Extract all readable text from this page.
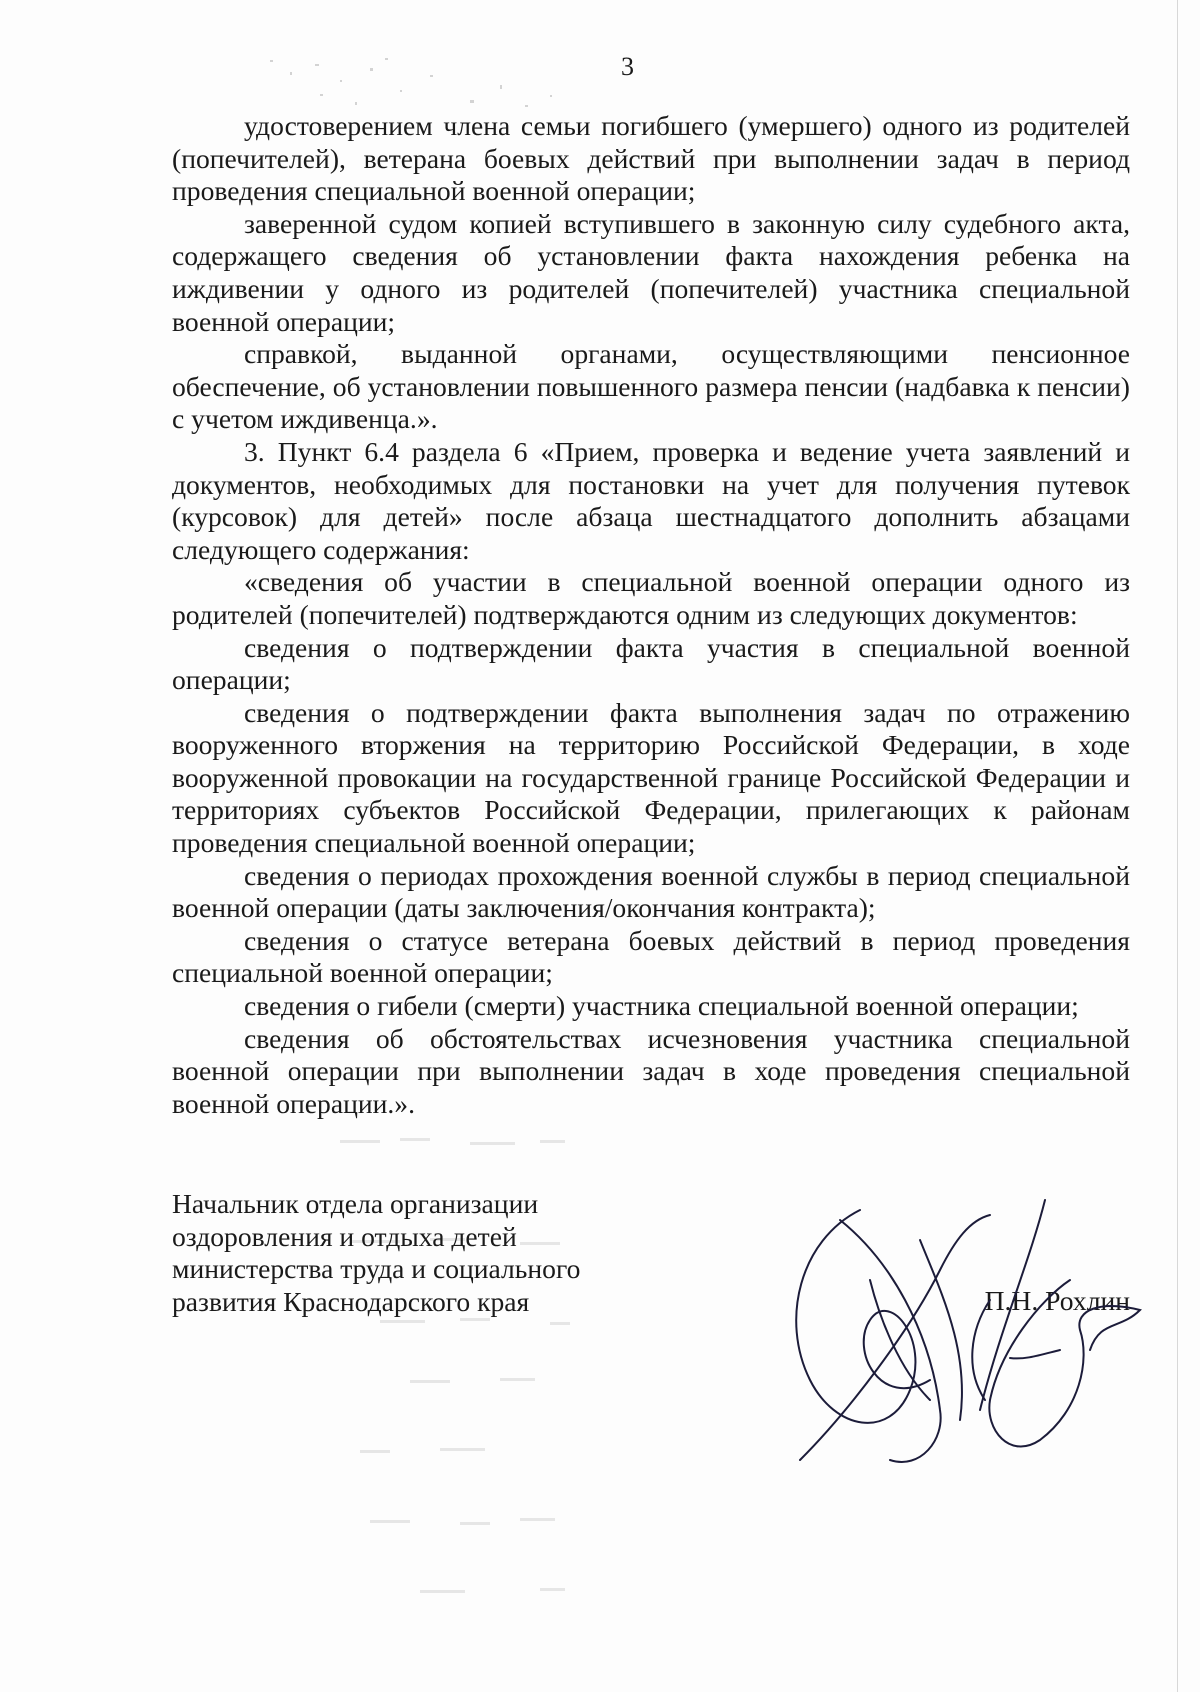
3

удостоверением члена семьи погибшего (умершего) одного из родителей (попечителей), ветерана боевых действий при выполнении задач в период проведения специальной военной операции;

заверенной судом копией вступившего в законную силу судебного акта, содержащего сведения об установлении факта нахождения ребенка на иждивении у одного из родителей (попечителей) участника специальной военной операции;

справкой, выданной органами, осуществляющими пенсионное обеспечение, об установлении повышенного размера пенсии (надбавка к пенсии) с учетом иждивенца.».

3. Пункт 6.4 раздела 6 «Прием, проверка и ведение учета заявлений и документов, необходимых для постановки на учет для получения путевок (курсовок) для детей» после абзаца шестнадцатого дополнить абзацами следующего содержания:

«сведения об участии в специальной военной операции одного из родителей (попечителей) подтверждаются одним из следующих документов:

сведения о подтверждении факта участия в специальной военной операции;

сведения о подтверждении факта выполнения задач по отражению вооруженного вторжения на территорию Российской Федерации, в ходе вооруженной провокации на государственной границе Российской Федерации и территориях субъектов Российской Федерации, прилегающих к районам проведения специальной военной операции;

сведения о периодах прохождения военной службы в период специальной военной операции (даты заключения/окончания контракта);

сведения о статусе ветерана боевых действий в период проведения специальной военной операции;

сведения о гибели (смерти) участника специальной военной операции;

сведения об обстоятельствах исчезновения участника специальной военной операции при выполнении задач в ходе проведения специальной военной операции.».

Начальник отдела организации
оздоровления и отдыха детей
министерства труда и социального
развития Краснодарского края	П.Н. Рохлин
